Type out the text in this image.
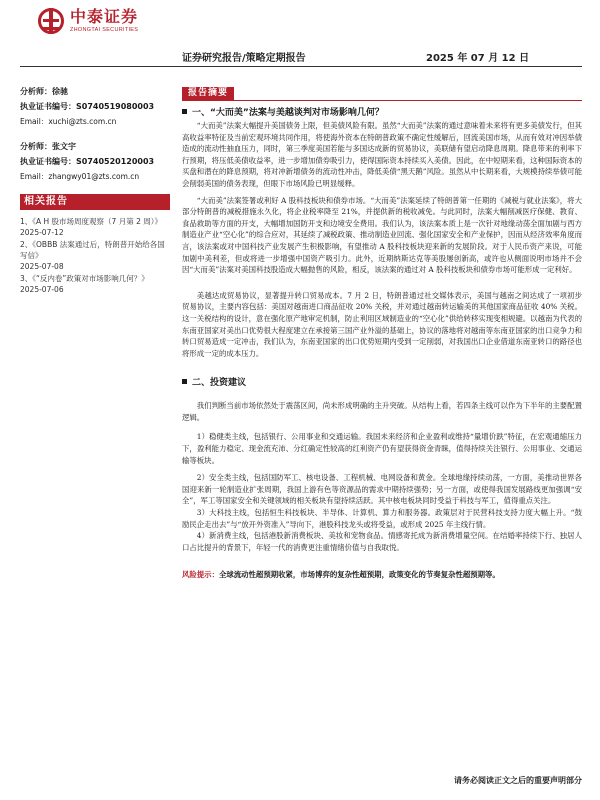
中泰证券
ZHONGTAI SECURITIES
证券研究报告/策略定期报告	2025 年 07 月 12 日
分析师：徐驰
执业证书编号：S0740519080003
Email：xuchi@zts.com.cn
分析师：张文宇
执业证书编号：S0740520120003
Email：zhangwy01@zts.com.cn
相关报告
1、《A H 股市场周度观察（7 月第 2 周）》
2025-07-12
2、《OBBB 法案通过后，特朗普开始给各国写信》
2025-07-08
3、《“反内卷”政策对市场影响几何？》
2025-07-06
报告摘要
一、“大而美”法案与美越谈判对市场影响几何？

“大而美”法案大幅提升美国债务上限，但美债风险有限。虽然“大而美”法案的通过意味着未来将有更多美债发行，但其高收益率特征及当前宏观环境共同作用，将使海外资本在特朗普政策不确定性缓解后，回流美国市场，从而有效对冲因举债造成的流动性抽血压力，同时，第三季度美国若能与多国达成新的贸易协议，美联储有望启动降息周期。降息带来的利率下行预期，将压低美债收益率，进一步增加债券吸引力，使得国际资本持续买入美债。因此，在中短期来看，这种国际资本的买盘和潜在的降息预期，将对冲新增债务的流动性冲击，降低美债“黑天鹅”风险。虽然从中长期来看，大规模持续举债可能会削弱美国的债务表现，但眼下市场风险已明显缓释。

“大而美”法案签署或利好 A 股科技板块和债券市场。“大而美”法案延续了特朗普第一任期的《减税与就业法案》，将大部分特朗普的减税措施永久化，将企业税率降至 21%，并提供新的税收减免。与此同时，法案大幅削减医疗保健、教育、食品救助等方面的开支，大幅增加国防开支和边境安全费用。我们认为，该法案本质上是一次针对地缘动荡全面加剧与西方制造业产业“空心化”的综合应对，其延续了减税政策、推动制造业回流、强化国家安全和产业保护，因而从经济效率角度而言，该法案或对中国科技产业发展产生积极影响，有望推动 A 股科技板块迎来新的发展阶段。对于人民币资产来说，可能加剧中美利差，但或将进一步增强中国资产吸引力。此外，近期纳斯达克等美股屡创新高，或许也从侧面说明市场并不会因“大而美”法案对美国科技股造成大幅抛售的风险，相反，该法案的通过对 A 股科技板块和债券市场可能形成一定利好。

美越达成贸易协议，显著提升转口贸易成本。7 月 2 日，特朗普通过社交媒体表示，美国与越南之间达成了一项初步贸易协议，主要内容包括：美国对越南进口商品征收 20% 关税，并对通过越南转运输美的其他国家商品征收 40% 关税。这一关税结构的设计，意在强化原产地审定机制，防止利用区域制造业的“空心化”供给转移实现变相规避。以越南为代表的东南亚国家对美出口优势很大程度建立在承接第三国产业外溢的基础上，协议的落地将对越南等东南亚国家的出口竞争力和转口贸易造成一定冲击，我们认为，东南亚国家的出口优势短期内受到一定削弱，对我国出口企业借道东南亚转口的路径也将形成一定的成本压力。

二、投资建议

我们判断当前市场依然处于震荡区间，尚未形成明确的主升突破。从结构上看，若四条主线可以作为下半年的主要配置逻辑。

1）稳健类主线，包括银行、公用事业和交通运输。我国未来经济和企业盈利或维持“量增价跌”特征，在宏观通缩压力下，盈利能力稳定、现金流充沛、分红确定性较高的红利资产仍有望获得资金青睐，值得持续关注银行、公用事业、交通运输等板块。

2）安全类主线，包括国防军工、核电设备、工程机械、电网设备和黄金。全球地缘持续动荡，一方面，美推动世界各国迎来新一轮制造业扩张周期，我国上游有色等资源品的需求中期持续强势；另一方面，或使得我国发展路线更加强调“安全”，军工等国家安全和关键领域的相关板块有望持续活跃。其中核电板块同时受益于科技与军工，值得重点关注。

3）大科技主线，包括恒生科技板块、半导体、计算机、算力和服务器。政策层对于民营科技支持力度大幅上升。“鼓励民企走出去”与“放开外资准入”导向下，港股科技龙头或将受益，或形成 2025 年主线行情。

4）新消费主线，包括港股新消费板块、美妆和宠物食品。情感寄托成为新消费增量空间。在结婚率持续下行、独居人口占比提升的背景下，年轻一代的消费更注重情绪价值与自我取悦。

风险提示：全球流动性超预期收紧，市场博弈的复杂性超预期，政策变化的节奏复杂性超预期等。
请务必阅读正文之后的重要声明部分
